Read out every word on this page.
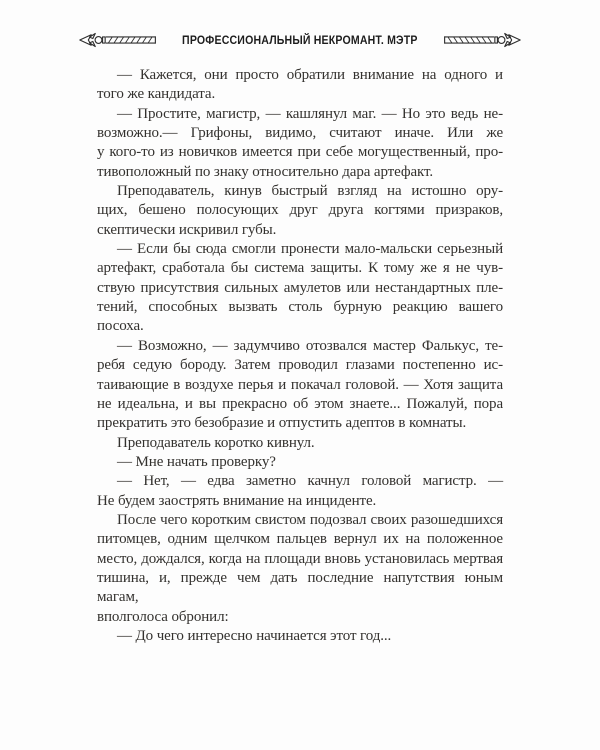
ПРОФЕССИОНАЛЬНЫЙ НЕКРОМАНТ. МЭТР
— Кажется, они просто обратили внимание на одного и
того же кандидата.
— Простите, магистр, — кашлянул маг. — Но это ведь не-
возможно.— Грифоны, видимо, считают иначе. Или же
у кого-то из новичков имеется при себе могущественный, про-
тивоположный по знаку относительно дара артефакт.
Преподаватель, кинув быстрый взгляд на истошно ору-
щих, бешено полосующих друг друга когтями призраков,
скептически искривил губы.
— Если бы сюда смогли пронести мало-мальски серьезный
артефакт, сработала бы система защиты. К тому же я не чув-
ствую присутствия сильных амулетов или нестандартных пле-
тений, способных вызвать столь бурную реакцию вашего
посоха.
— Возможно, — задумчиво отозвался мастер Фалькус, те-
ребя седую бороду. Затем проводил глазами постепенно ис-
таивающие в воздухе перья и покачал головой. — Хотя защита
не идеальна, и вы прекрасно об этом знаете... Пожалуй, пора
прекратить это безобразие и отпустить адептов в комнаты.
Преподаватель коротко кивнул.
— Мне начать проверку?
— Нет, — едва заметно качнул головой магистр. —
Не будем заострять внимание на инциденте.
После чего коротким свистом подозвал своих разошедшихся
питомцев, одним щелчком пальцев вернул их на положенное
место, дождался, когда на площади вновь установилась мертвая
тишина, и, прежде чем дать последние напутствия юным магам,
вполголоса обронил:
— До чего интересно начинается этот год...
